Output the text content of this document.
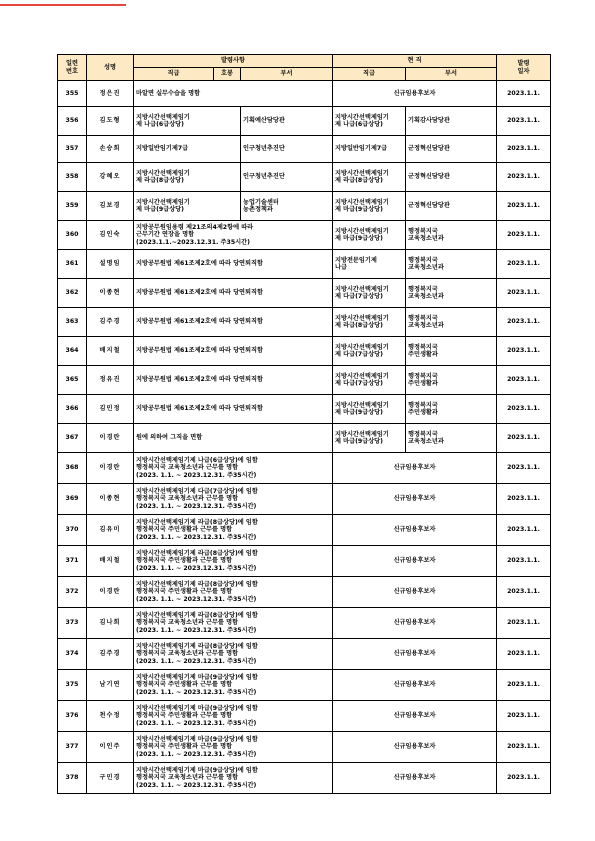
일련
번호	성명	발령사항			현 직		발령
일자
		직급	호봉	부서	직급	부서	
355	정은진	마알면 실무수습을 명함			신규임용후보자		2023.1.1.
356	김도형	지방시간선택제임기
제 나급(6급상당)		기획예산담당관	지방시간선택제임기
제 나급(6급상당)	기획감사담당관	2023.1.1.
357	손승희	지방일반임기제7급		인구청년추진단	지방일반임기제7급	군정혁신담당관	2023.1.1.
358	강혜오	지방시간선택제임기
제 라급(8급상당)		인구청년추진단	지방시간선택제임기
제 라급(8급상당)	군정혁신담당관	2023.1.1.
359	김보경	지방시간선택제임기
제 마급(9급상당)		농업기술센터
농촌정책과	지방시간선택제임기
제 마급(9급상당)	군정혁신담당관	2023.1.1.
360	김인숙	지방공무원임용령 제21조의4제2항에 따라
근무기간 연장을 명함
(2023.1.1.~2023.12.31. 주35시간)			지방시간선택제임기
제 마급(9급상당)	행정복지국
교육청소년과	2023.1.1.
361	설명임	지방공무원법 제61조제2호에 따라 당연퇴직함			지방전문임기제
나급	행정복지국
교육청소년과	2023.1.1.
362	이종현	지방공무원법 제61조제2호에 따라 당연퇴직함			지방시간선택제임기
제 다급(7급상당)	행정복지국
교육청소년과	2023.1.1.
363	김주경	지방공무원법 제61조제2호에 따라 당연퇴직함			지방시간선택제임기
제 라급(8급상당)	행정복지국
교육청소년과	2023.1.1.
364	배지철	지방공무원법 제61조제2호에 따라 당연퇴직함			지방시간선택제임기
제 다급(7급상당)	행정복지국
주민생활과	2023.1.1.
365	정유진	지방공무원법 제61조제2호에 따라 당연퇴직함			지방시간선택제임기
제 다급(7급상당)	행정복지국
주민생활과	2023.1.1.
366	김민정	지방공무원법 제61조제2호에 따라 당연퇴직함			지방시간선택제임기
제 마급(9급상당)	행정복지국
주민생활과	2023.1.1.
367	이경란	원에 의하여 그직을 면함			지방시간선택제임기
제 마급(9급상당)	행정복지국
교육청소년과	2023.1.1.
368	이경란	지방시간선택제임기제 나급(6급상당)에 임함
행정복지국 교육청소년과 근무를 명함
(2023. 1.1. ~ 2023.12.31. 주35시간)			신규임용후보자		2023.1.1.
369	이종현	지방시간선택제임기제 다급(7급상당)에 임함
행정복지국 교육청소년과 근무를 명함
(2023. 1.1. ~ 2023.12.31. 주35시간)			신규임용후보자		2023.1.1.
370	김유미	지방시간선택제임기제 라급(8급상당)에 임함
행정복지국 주민생활과 근무를 명함
(2023. 1.1. ~ 2023.12.31. 주35시간)			신규임용후보자		2023.1.1.
371	배지철	지방시간선택제임기제 라급(8급상당)에 임함
행정복지국 주민생활과 근무를 명함
(2023. 1.1. ~ 2023.12.31. 주35시간)			신규임용후보자		2023.1.1.
372	이경란	지방시간선택제임기제 라급(8급상당)에 임함
행정복지국 주민생활과 근무를 명함
(2023. 1.1. ~ 2023.12.31. 주35시간)			신규임용후보자		2023.1.1.
373	김나희	지방시간선택제임기제 라급(8급상당)에 임함
행정복지국 교육청소년과 근무를 명함
(2023. 1.1. ~ 2023.12.31. 주35시간)			신규임용후보자		2023.1.1.
374	김주경	지방시간선택제임기제 라급(8급상당)에 임함
행정복지국 교육청소년과 근무를 명함
(2023. 1.1. ~ 2023.12.31. 주35시간)			신규임용후보자		2023.1.1.
375	남기연	지방시간선택제임기제 마급(9급상당)에 임함
행정복지국 주민생활과 근무를 명함
(2023. 1.1. ~ 2023.12.31. 주35시간)			신규임용후보자		2023.1.1.
376	천수정	지방시간선택제임기제 마급(9급상당)에 임함
행정복지국 주민생활과 근무를 명함
(2023. 1.1. ~ 2023.12.31. 주35시간)			신규임용후보자		2023.1.1.
377	이인주	지방시간선택제임기제 마급(9급상당)에 임함
행정복지국 주민생활과 근무를 명함
(2023. 1.1. ~ 2023.12.31. 주35시간)			신규임용후보자		2023.1.1.
378	구민경	지방시간선택제임기제 마급(9급상당)에 임함
행정복지국 교육청소년과 근무를 명함
(2023. 1.1. ~ 2023.12.31. 주35시간)			신규임용후보자		2023.1.1.
